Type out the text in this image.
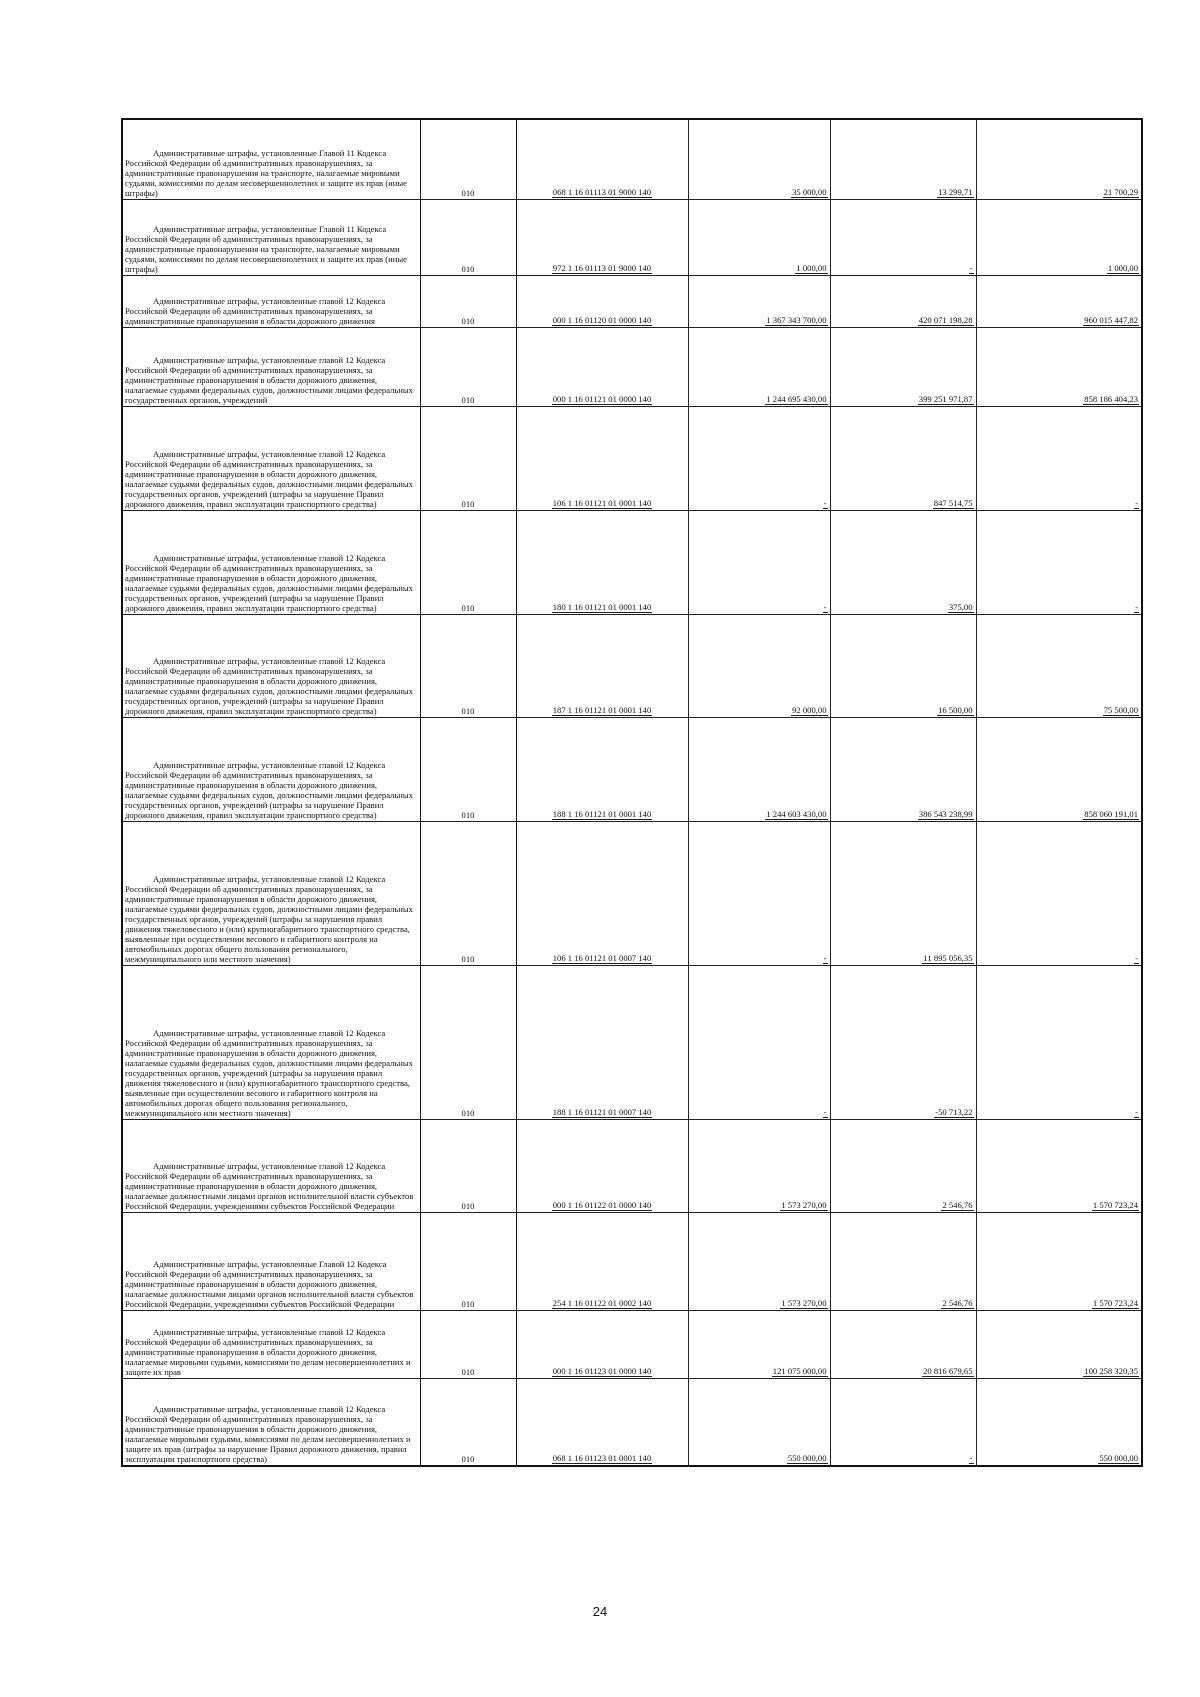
Административные штрафы, установленные Главой 11 Кодекса Российской Федерации об административных правонарушениях, за административные правонарушения на транспорте, налагаемые мировыми судьями, комиссиями по делам несовершеннолетних и защите их прав (иные штрафы)	010	068 1 16 01113 01 9000 140	35 000,00	13 299,71	21 700,29

Административные штрафы, установленные Главой 11 Кодекса Российской Федерации об административных правонарушениях, за административные правонарушения на транспорте, налагаемые мировыми судьями, комиссиями по делам несовершеннолетних и защите их прав (иные штрафы)	010	972 1 16 01113 01 9000 140	1 000,00	-	1 000,00

Административные штрафы, установленные главой 12 Кодекса Российской Федерации об административных правонарушениях, за административные правонарушения в области дорожного движения	010	000 1 16 01120 01 0000 140	1 367 343 700,00	420 071 198,28	960 015 447,82

Административные штрафы, установленные главой 12 Кодекса Российской Федерации об административных правонарушениях, за административные правонарушения в области дорожного движения, налагаемые судьями федеральных судов, должностными лицами федеральных государственных органов, учреждений	010	000 1 16 01121 01 0000 140	1 244 695 430,00	399 251 971,87	858 186 404,23

Административные штрафы, установленные главой 12 Кодекса Российской Федерации об административных правонарушениях, за административные правонарушения в области дорожного движения, налагаемые судьями федеральных судов, должностными лицами федеральных государственных органов, учреждений (штрафы за нарушение Правил дорожного движения, правил эксплуатации транспортного средства)	010	106 1 16 01121 01 0001 140	-	847 514,75	-

Административные штрафы, установленные главой 12 Кодекса Российской Федерации об административных правонарушениях, за административные правонарушения в области дорожного движения, налагаемые судьями федеральных судов, должностными лицами федеральных государственных органов, учреждений (штрафы за нарушение Правил дорожного движения, правил эксплуатации транспортного средства)	010	180 1 16 01121 01 0001 140	-	375,00	-

Административные штрафы, установленные главой 12 Кодекса Российской Федерации об административных правонарушениях, за административные правонарушения в области дорожного движения, налагаемые судьями федеральных судов, должностными лицами федеральных государственных органов, учреждений (штрафы за нарушение Правил дорожного движения, правил эксплуатации транспортного средства)	010	187 1 16 01121 01 0001 140	92 000,00	16 500,00	75 500,00

Административные штрафы, установленные главой 12 Кодекса Российской Федерации об административных правонарушениях, за административные правонарушения в области дорожного движения, налагаемые судьями федеральных судов, должностными лицами федеральных государственных органов, учреждений (штрафы за нарушение Правил дорожного движения, правил эксплуатации транспортного средства)	010	188 1 16 01121 01 0001 140	1 244 603 430,00	386 543 238,99	858 060 191,01

Административные штрафы, установленные главой 12 Кодекса Российской Федерации об административных правонарушениях, за административные правонарушения в области дорожного движения, налагаемые судьями федеральных судов, должностными лицами федеральных государственных органов, учреждений (штрафы за нарушения правил движения тяжеловесного и (или) крупногабаритного транспортного средства, выявленные при осуществлении весового и габаритного контроля на автомобильных дорогах общего пользования регионального, межмуниципального или местного значения)	010	106 1 16 01121 01 0007 140	-	11 895 056,35	-

Административные штрафы, установленные главой 12 Кодекса Российской Федерации об административных правонарушениях, за административные правонарушения в области дорожного движения, налагаемые судьями федеральных судов, должностными лицами федеральных государственных органов, учреждений (штрафы за нарушения правил движения тяжеловесного и (или) крупногабаритного транспортного средства, выявленные при осуществлении весового и габаритного контроля на автомобильных дорогах общего пользования регионального, межмуниципального или местного значения)	010	188 1 16 01121 01 0007 140	-	-50 713,22	-

Административные штрафы, установленные главой 12 Кодекса Российской Федерации об административных правонарушениях, за административные правонарушения в области дорожного движения, налагаемые должностными лицами органов исполнительной власти субъектов Российской Федерации, учреждениями субъектов Российской Федерации	010	000 1 16 01122 01 0000 140	1 573 270,00	2 546,76	1 570 723,24

Административные штрафы, установленные Главой 12 Кодекса Российской Федерации об административных правонарушениях, за административные правонарушения в области дорожного движения, налагаемые должностными лицами органов исполнительной власти субъектов Российской Федерации, учреждениями субъектов Российской Федерации	010	254 1 16 01122 01 0002 140	1 573 270,00	2 546,76	1 570 723,24

Административные штрафы, установленные главой 12 Кодекса Российской Федерации об административных правонарушениях, за административные правонарушения в области дорожного движения, налагаемые мировыми судьями, комиссиями по делам несовершеннолетних и защите их прав	010	000 1 16 01123 01 0000 140	121 075 000,00	20 816 679,65	100 258 320,35

Административные штрафы, установленные главой 12 Кодекса Российской Федерации об административных правонарушениях, за административные правонарушения в области дорожного движения, налагаемые мировыми судьями, комиссиями по делам несовершеннолетних и защите их прав (штрафы за нарушение Правил дорожного движения, правил эксплуатации транспортного средства)	010	068 1 16 01123 01 0001 140	550 000,00	-	550 000,00
24
